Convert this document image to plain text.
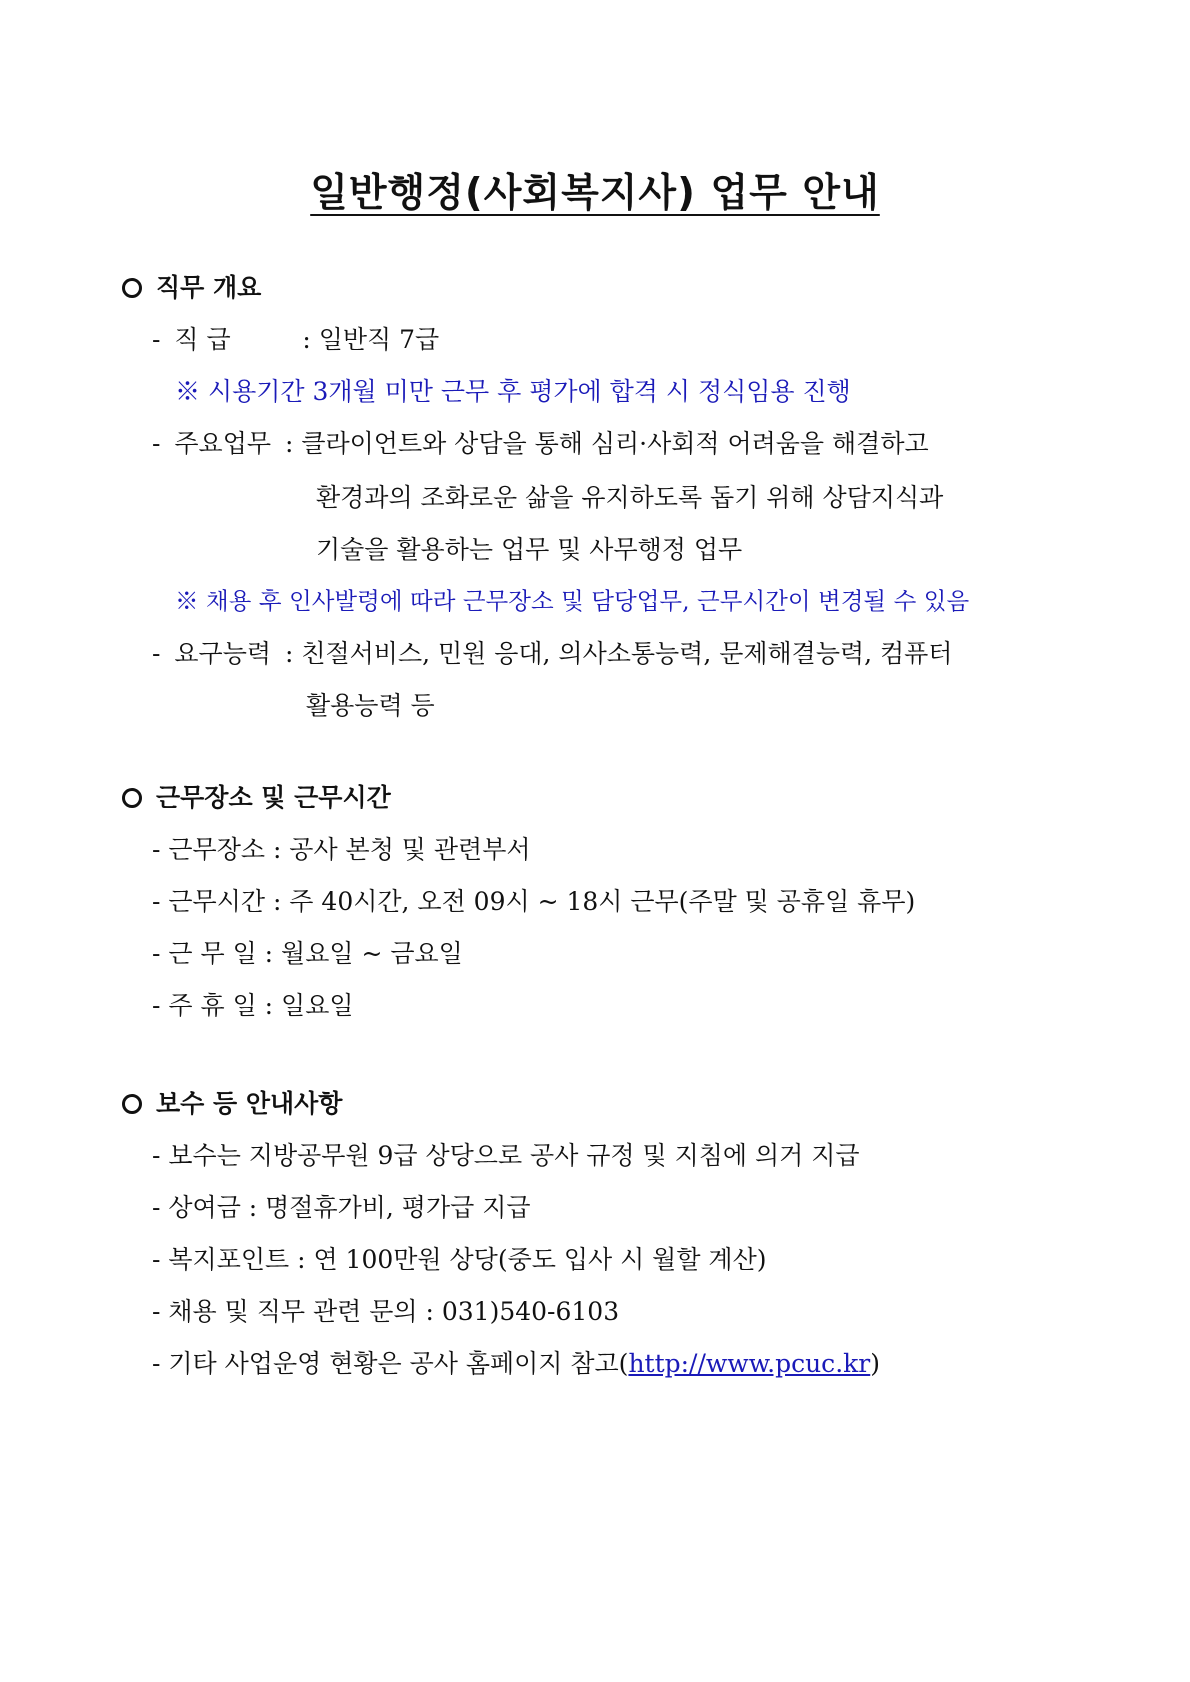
일반행정(사회복지사) 업무 안내
직무 개요
- 직 급	: 일반직 7급
※ 시용기간 3개월 미만 근무 후 평가에 합격 시 정식임용 진행
- 주요업무 : 클라이언트와 상담을 통해 심리·사회적 어려움을 해결하고
환경과의 조화로운 삶을 유지하도록 돕기 위해 상담지식과
기술을 활용하는 업무 및 사무행정 업무
※ 채용 후 인사발령에 따라 근무장소 및 담당업무, 근무시간이 변경될 수 있음
- 요구능력 : 친절서비스, 민원 응대, 의사소통능력, 문제해결능력, 컴퓨터
활용능력 등
근무장소 및 근무시간
- 근무장소 : 공사 본청 및 관련부서
- 근무시간 : 주 40시간, 오전 09시 ~ 18시 근무(주말 및 공휴일 휴무)
- 근 무 일 : 월요일 ~ 금요일
- 주 휴 일 : 일요일
보수 등 안내사항
- 보수는 지방공무원 9급 상당으로 공사 규정 및 지침에 의거 지급
- 상여금 : 명절휴가비, 평가급 지급
- 복지포인트 : 연 100만원 상당(중도 입사 시 월할 계산)
- 채용 및 직무 관련 문의 : 031)540-6103
- 기타 사업운영 현황은 공사 홈페이지 참고(http://www.pcuc.kr)
